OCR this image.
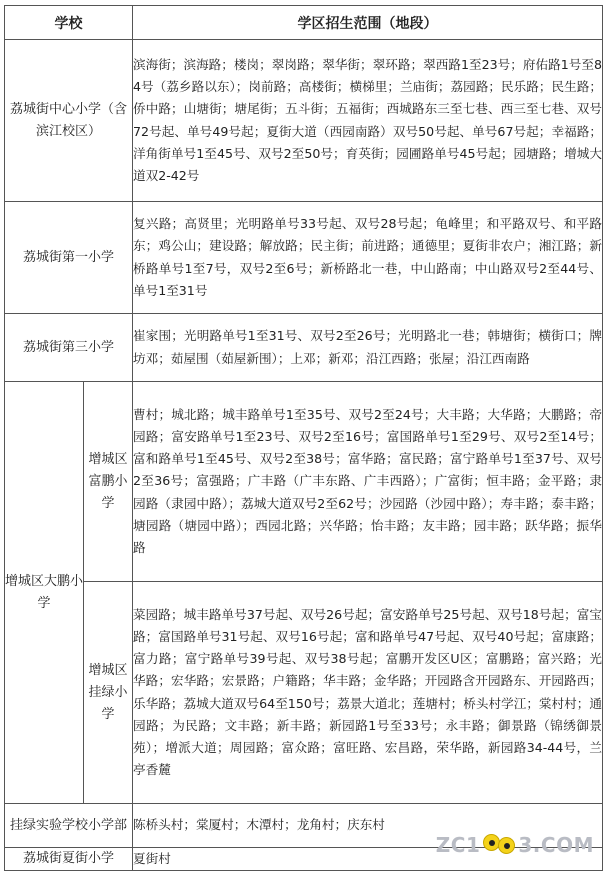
学校		学区招生范围（地段）
荔城街中心小学（含滨江校区）		滨海街；滨海路；楼岗；翠岗路；翠华街；翠环路；翠西路1至23号；府佑路1号至84号（荔乡路以东）；岗前路；高楼街；横梯里；兰庙街；荔园路；民乐路；民生路；侨中路；山塘街；塘尾街；五斗街；五福街；西城路东三至七巷、西三至七巷、双号72号起、单号49号起；夏街大道（西园南路）双号50号起、单号67号起；幸福路；洋角街单号1至45号、双号2至50号；育英街；园圃路单号45号起；园塘路；增城大道双2-42号
荔城街第一小学		复兴路；高贤里；光明路单号33号起、双号28号起；龟峰里；和平路双号、和平路东；鸡公山；建设路；解放路；民主街；前进路；通德里；夏街非农户；湘江路；新桥路单号1至7号，双号2至6号；新桥路北一巷，中山路南；中山路双号2至44号、单号1至31号
荔城街第三小学		崔家围；光明路单号1至31号、双号2至26号；光明路北一巷；韩塘街；横街口；牌坊邓；茹屋围（茹屋新围）；上邓；新邓；沿江西路；张屋；沿江西南路
增城区大鹏小学	增城区富鹏小学	曹村；城北路；城丰路单号1至35号、双号2至24号；大丰路；大华路；大鹏路；帝园路；富安路单号1至23号、双号2至16号；富国路单号1至29号、双号2至14号；富和路单号1至45号、双号2至38号；富华路；富民路；富宁路单号1至37号、双号2至36号；富强路；广丰路（广丰东路、广丰西路）；广富街；恒丰路；金平路；隶园路（隶园中路）；荔城大道双号2至62号；沙园路（沙园中路）；寿丰路；泰丰路；塘园路（塘园中路）；西园北路；兴华路；怡丰路；友丰路；园丰路；跃华路；振华路
	增城区挂绿小学	菜园路；城丰路单号37号起、双号26号起；富安路单号25号起、双号18号起；富宝路；富国路单号31号起、双号16号起；富和路单号47号起、双号40号起；富康路；富力路；富宁路单号39号起、双号38号起；富鹏开发区U区；富鹏路；富兴路；光华路；宏华路；宏景路；户籍路；华丰路；金华路；开园路含开园路东、开园路西；乐华路；荔城大道双号64至150号；荔景大道北；莲塘村；桥头村学江；棠村村；通园路；为民路；文丰路；新丰路；新园路1号至33号；永丰路；御景路（锦绣御景苑）；增派大道；周园路；富众路；富旺路、宏昌路，荣华路，新园路34-44号，兰亭香麓
挂绿实验学校小学部		陈桥头村；棠厦村；木潭村；龙角村；庆东村
荔城街夏街小学		夏街村
ZC1 3.COM
